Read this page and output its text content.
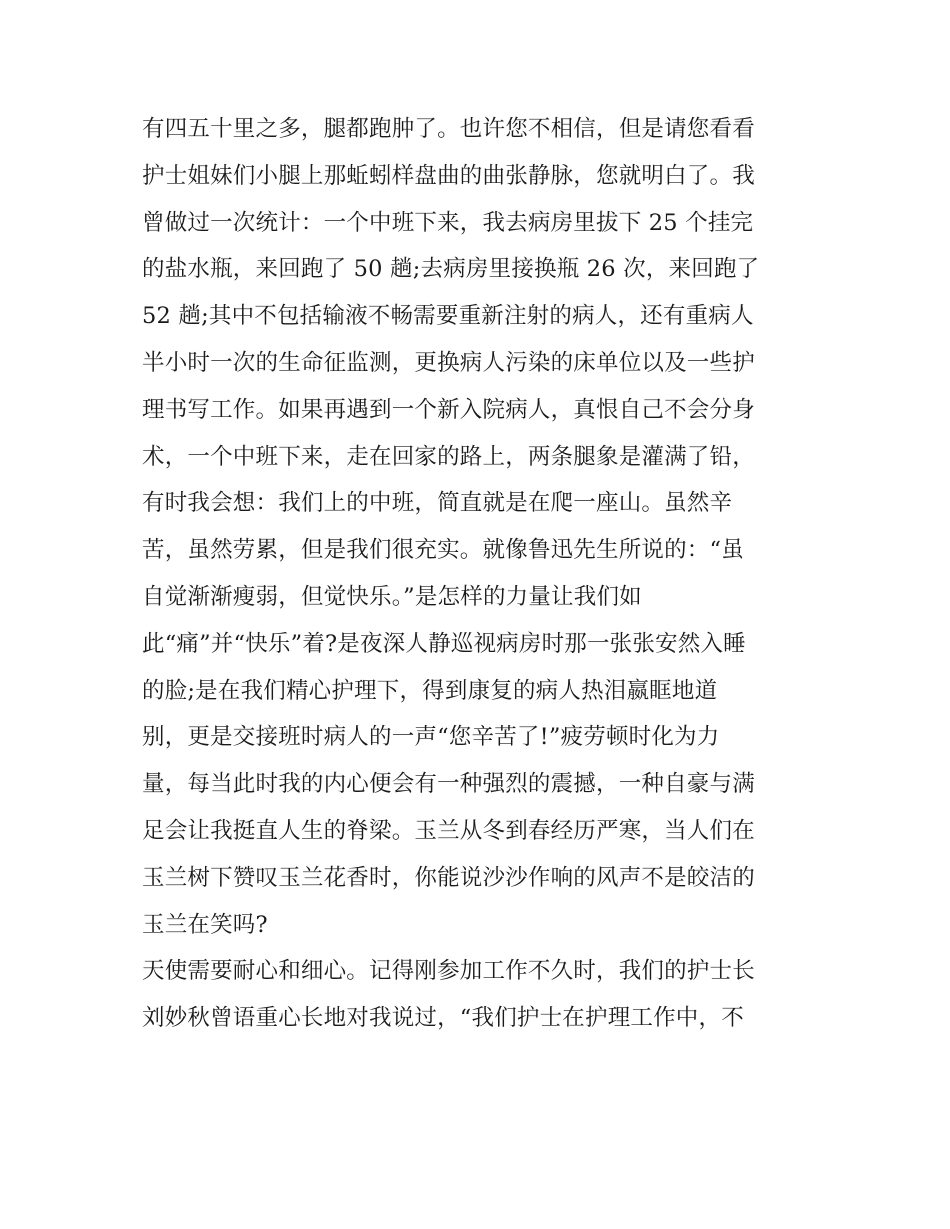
有四五十里之多，腿都跑肿了。也许您不相信，但是请您看看
护士姐妹们小腿上那蚯蚓样盘曲的曲张静脉，您就明白了。我
曾做过一次统计：一个中班下来，我去病房里拔下 25 个挂完
的盐水瓶，来回跑了 50 趟;去病房里接换瓶 26 次，来回跑了
52 趟;其中不包括输液不畅需要重新注射的病人，还有重病人
半小时一次的生命征监测，更换病人污染的床单位以及一些护
理书写工作。如果再遇到一个新入院病人，真恨自己不会分身
术，一个中班下来，走在回家的路上，两条腿象是灌满了铅，
有时我会想：我们上的中班，简直就是在爬一座山。虽然辛
苦，虽然劳累，但是我们很充实。就像鲁迅先生所说的：“虽
自觉渐渐瘦弱，但觉快乐。”是怎样的力量让我们如
此“痛”并“快乐”着?是夜深人静巡视病房时那一张张安然入睡
的脸;是在我们精心护理下，得到康复的病人热泪嬴眶地道
别，更是交接班时病人的一声“您辛苦了!”疲劳顿时化为力
量，每当此时我的内心便会有一种强烈的震撼，一种自豪与满
足会让我挺直人生的脊梁。玉兰从冬到春经历严寒，当人们在
玉兰树下赞叹玉兰花香时，你能说沙沙作响的风声不是皎洁的
玉兰在笑吗?
天使需要耐心和细心。记得刚参加工作不久时，我们的护士长
刘妙秋曾语重心长地对我说过，“我们护士在护理工作中，不
